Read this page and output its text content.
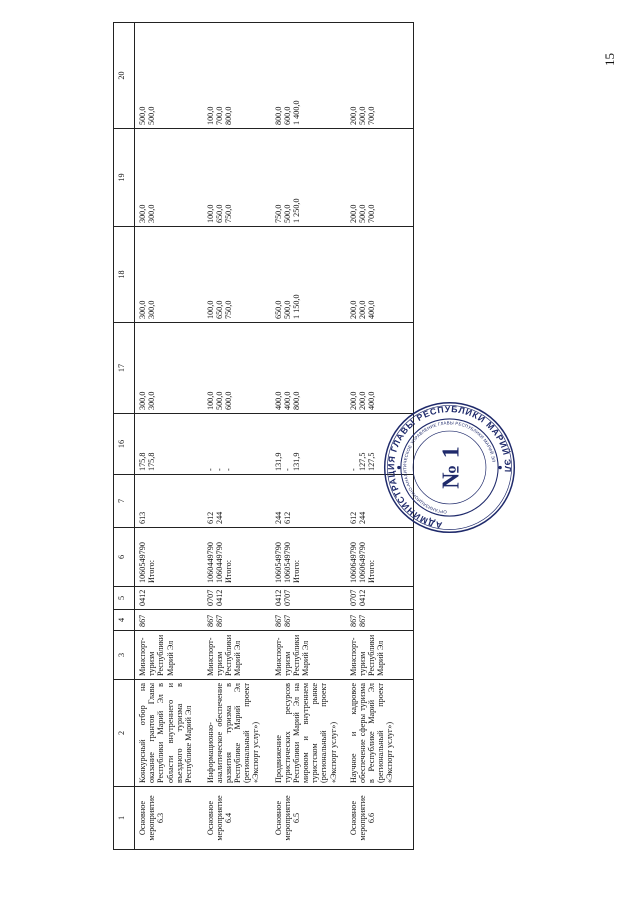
15
1	2	3	4	5	6	7	16	17	18	19	20
Основное мероприятие 6.3	Конкурсный отбор на оказание грантов Главы Республики Марий Эл в области внутреннего и въездного туризма в Республике Марий Эл	Минспорт-туризм Республики Марий Эл	867	0412	1060549790 Итого:	613	175,8 175,8	300,0 300,0	300,0 300,0	300,0 300,0	500,0 500,0

Основное мероприятие 6.4	Информационно-аналитическое обеспечение развития туризма в Республике Марий Эл (региональный проект «Экспорт услуг»)	Минспорт-туризм Республики Марий Эл	867 867	0707 0412	1060449790 1060449790 Итого:	612 244	- - -	100,0 500,0 600,0	100,0 650,0 750,0	100,0 650,0 750,0	100,0 700,0 800,0

Основное мероприятие 6.5	Продвижение туристических ресурсов Республики Марий Эл на мировом и внутреннем туристском рынке (региональный проект «Экспорт услуг»)	Минспорт-туризм Республики Марий Эл	867 867	0412 0707	1060549790 1060549790 Итого:	244 612	131,9 - 131,9	400,0 400,0 800,0	650,0 500,0 1 150,0	750,0 500,0 1 250,0	800,0 600,0 1 400,0

Основное мероприятие 6.6	Научное и кадровое обеспечение сферы туризма в Республике Марий Эл (региональный проект «Экспорт услуг»)	Минспорт-туризм Республики Марий Эл	867 867	0707 0412	1060649790 1060649790 Итого:	612 244	- 127,5 127,5	200,0 200,0 400,0	200,0 200,0 400,0	200,0 500,0 700,0	200,0 500,0 700,0
АДМИНИСТРАЦИЯ ГЛАВЫ РЕСПУБЛИКИ МАРИЙ ЭЛ
ОРГАНИЗАЦИОННО-АНАЛИТИЧЕСКОЕ УПРАВЛЕНИЕ ГЛАВЫ РЕСПУБЛИКИ МАРИЙ ЭЛ
№ 1
